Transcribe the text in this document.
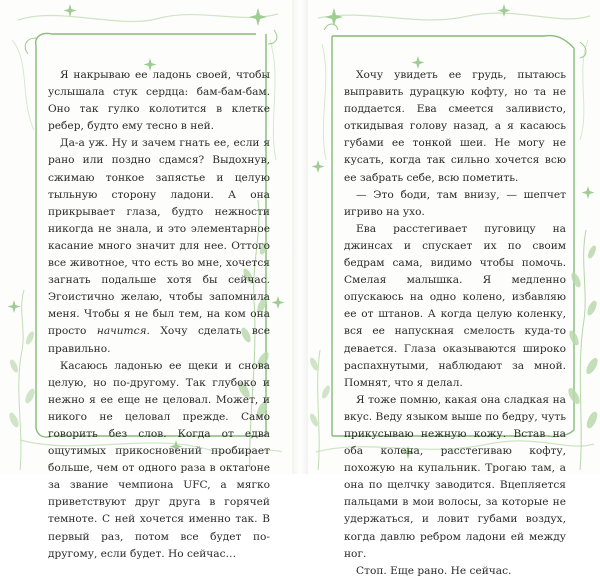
Я накрываю ее ладонь своей, чтобы услышала стук сердца: бам-бам-бам. Оно так гулко колотится в клетке ребер, будто ему тесно в ней.

Да-а уж. Ну и зачем гнать ее, если я рано или поздно сдамся? Выдохнув, сжимаю тонкое запястье и целую тыльную сторону ладони. А она прикрывает глаза, будто нежности никогда не знала, и это элементарное касание много значит для нее. Оттого все животное, что есть во мне, хочется загнать подальше хотя бы сейчас. Эгоистично желаю, чтобы запомнила меня. Чтобы я не был тем, на ком она просто начится. Хочу сделать все правильно.

Касаюсь ладонью ее щеки и снова целую, но по-другому. Так глубоко и нежно я ее еще не целовал. Может, и никого не целовал прежде. Само говорить без слов. Когда от едва ощутимых прикосновений пробирает больше, чем от одного раза в октагоне за звание чемпиона UFC, а мягко приветствуют друг друга в горячей темноте. С ней хочется именно так. В первый раз, потом все будет по-другому, если будет. Но сейчас…

Хочу увидеть ее грудь, пытаюсь выправить дурацкую кофту, но та не поддается. Ева смеется заливисто, откидывая голову назад, а я касаюсь губами ее тонкой шеи. Не могу не кусать, когда так сильно хочется всю ее забрать себе, всю пометить.

— Это боди, там внизу, — шепчет игриво на ухо.

Ева расстегивает пуговицу на джинсах и спускает их по своим бедрам сама, видимо чтобы помочь. Смелая малышка. Я медленно опускаюсь на одно колено, избавляю ее от штанов. А когда целую коленку, вся ее напускная смелость куда-то девается. Глаза оказываются широко распахнутыми, наблюдают за мной. Помнят, что я делал.

Я тоже помню, какая она сладкая на вкус. Веду языком выше по бедру, чуть прикусываю нежную кожу. Встав на оба колена, расстегиваю кофту, похожую на купальник. Трогаю там, а она по щелчку заводится. Вцепляется пальцами в мои волосы, за которые не удержаться, и ловит губами воздух, когда давлю ребром ладони ей между ног.

Стоп. Еще рано. Не сейчас.
